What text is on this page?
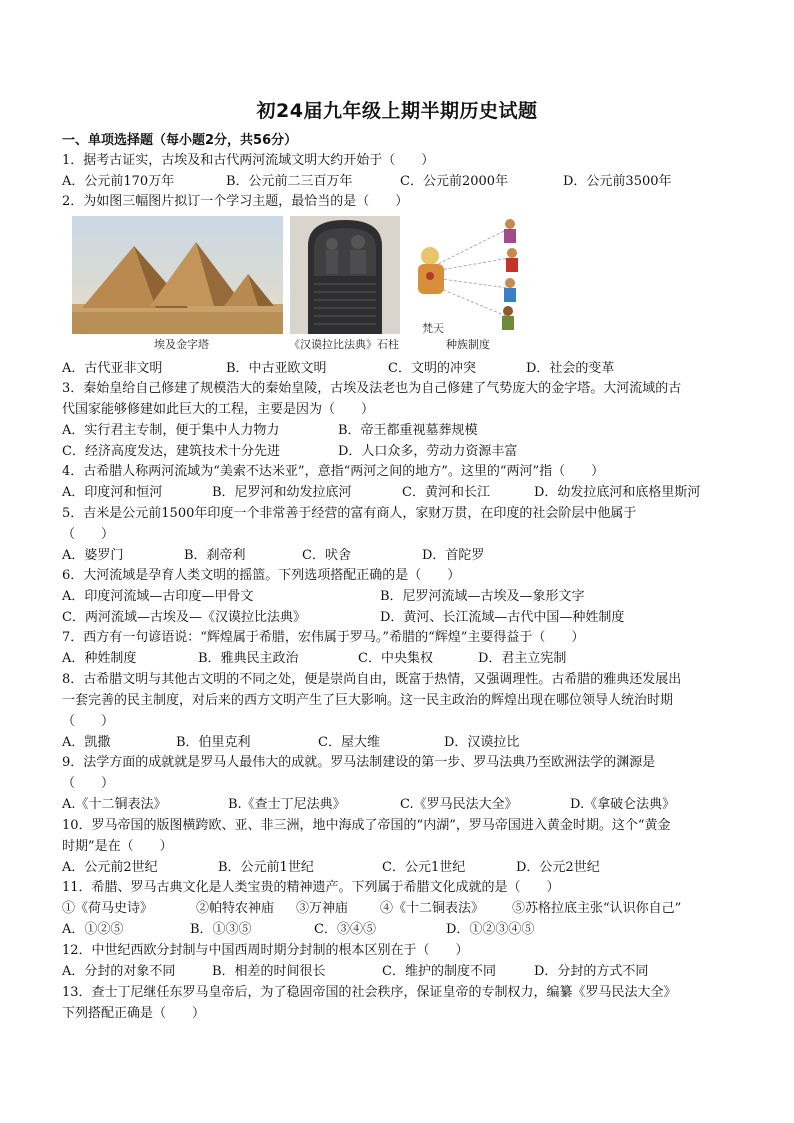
初24届九年级上期半期历史试题
一、单项选择题（每小题2分，共56分）
1．据考古证实，古埃及和古代两河流域文明大约开始于（　　）
A．公元前170万年	B．公元前二三百万年	C．公元前2000年	D．公元前3500年
2．为如图三幅图片拟订一个学习主题，最恰当的是（　　）
埃及金字塔	《汉谟拉比法典》石柱
梵天
种族制度
A．古代亚非文明	B．中古亚欧文明	C．文明的冲突	D．社会的变革
3．秦始皇给自己修建了规模浩大的秦始皇陵，古埃及法老也为自己修建了气势庞大的金字塔。大河流域的古
代国家能够修建如此巨大的工程，主要是因为（　　）
A．实行君主专制，便于集中人力物力	B．帝王都重视墓葬规模
C．经济高度发达，建筑技术十分先进	D．人口众多，劳动力资源丰富
4．古希腊人称两河流域为“美索不达米亚”，意指“两河之间的地方”。这里的“两河”指（　　）
A．印度河和恒河	B．尼罗河和幼发拉底河	C．黄河和长江	D．幼发拉底河和底格里斯河
5．吉米是公元前1500年印度一个非常善于经营的富有商人，家财万贯，在印度的社会阶层中他属于
（　　）
A．婆罗门	B．刹帝利	C．吠舍	D．首陀罗
6．大河流域是孕育人类文明的摇篮。下列选项搭配正确的是（　　）
A．印度河流域—古印度—甲骨文	B．尼罗河流域—古埃及—象形文字
C．两河流域—古埃及—《汉谟拉比法典》	D．黄河、长江流域—古代中国—种姓制度
7．西方有一句谚语说：“辉煌属于希腊，宏伟属于罗马。”希腊的“辉煌”主要得益于（　　）
A．种姓制度	B．雅典民主政治	C．中央集权	D．君主立宪制
8．古希腊文明与其他古文明的不同之处，便是崇尚自由，既富于热情，又强调理性。古希腊的雅典还发展出
一套完善的民主制度，对后来的西方文明产生了巨大影响。这一民主政治的辉煌出现在哪位领导人统治时期
（　　）
A．凯撒	B．伯里克利	C．屋大维	D．汉谟拉比
9．法学方面的成就就是罗马人最伟大的成就。罗马法制建设的第一步、罗马法典乃至欧洲法学的渊源是
（　　）
A.《十二铜表法》	B.《查士丁尼法典》	C.《罗马民法大全》	D.《拿破仑法典》
10．罗马帝国的版图横跨欧、亚、非三洲，地中海成了帝国的“内湖”，罗马帝国进入黄金时期。这个“黄金
时期”是在（　　）
A．公元前2世纪	B．公元前1世纪	C．公元1世纪	D．公元2世纪
11．希腊、罗马古典文化是人类宝贵的精神遗产。下列属于希腊文化成就的是（　　）
①《荷马史诗》	②帕特农神庙 ③万神庙 ④《十二铜表法》 ⑤苏格拉底主张“认识你自己”
A．①②⑤	B．①③⑤	C．③④⑤	D．①②③④⑤
12．中世纪西欧分封制与中国西周时期分封制的根本区别在于（　　）
A．分封的对象不同	B．相差的时间很长	C．维护的制度不同	D．分封的方式不同
13．查士丁尼继任东罗马皇帝后，为了稳固帝国的社会秩序，保证皇帝的专制权力，编纂《罗马民法大全》
下列搭配正确是（　　）
